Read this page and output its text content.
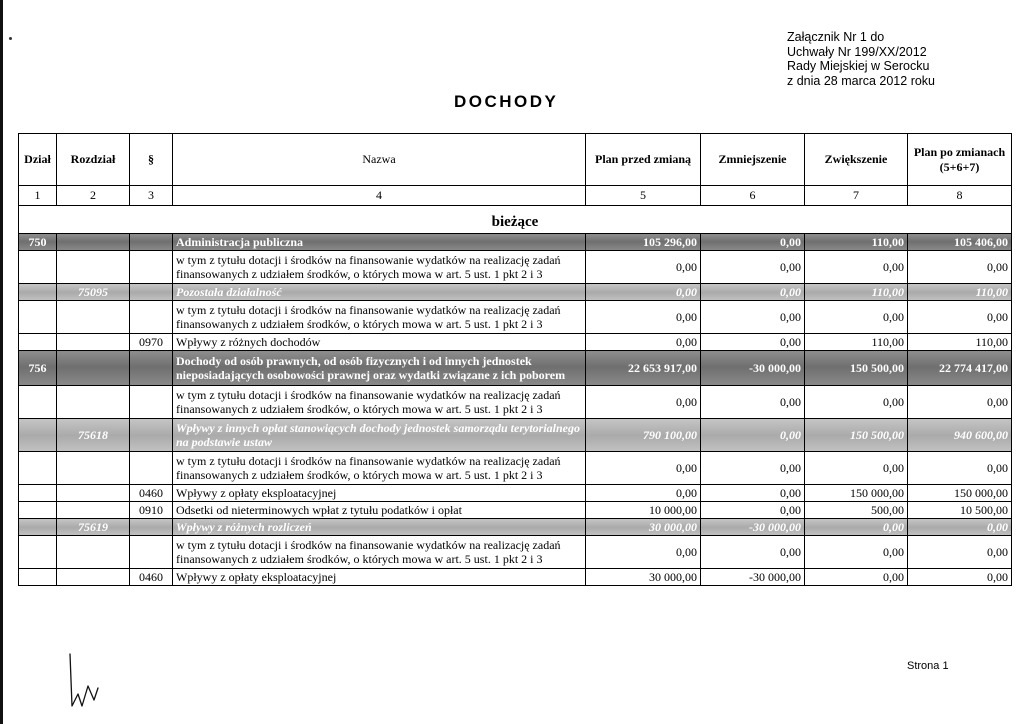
Załącznik Nr 1 do
Uchwały Nr 199/XX/2012
Rady Miejskiej w Serocku
z dnia 28 marca 2012 roku
DOCHODY
Dział	Rozdział	§	Nazwa	Plan przed zmianą	Zmniejszenie	Zwiększenie	Plan po zmianach
(5+6+7)
1	2	3	4	5	6	7	8
bieżące							
750			Administracja publiczna	105 296,00	0,00	110,00	105 406,00
			w tym z tytułu dotacji i środków na finansowanie wydatków na realizację zadań
finansowanych z udziałem środków, o których mowa w art. 5 ust. 1 pkt 2 i 3	0,00	0,00	0,00	0,00
	75095		Pozostała działalność	0,00	0,00	110,00	110,00
			w tym z tytułu dotacji i środków na finansowanie wydatków na realizację zadań
finansowanych z udziałem środków, o których mowa w art. 5 ust. 1 pkt 2 i 3	0,00	0,00	0,00	0,00
		0970	Wpływy z różnych dochodów	0,00	0,00	110,00	110,00
756			Dochody od osób prawnych, od osób fizycznych i od innych jednostek
nieposiadających osobowości prawnej oraz wydatki związane z ich poborem	22 653 917,00	-30 000,00	150 500,00	22 774 417,00
			w tym z tytułu dotacji i środków na finansowanie wydatków na realizację zadań
finansowanych z udziałem środków, o których mowa w art. 5 ust. 1 pkt 2 i 3	0,00	0,00	0,00	0,00
	75618		Wpływy z innych opłat stanowiących dochody jednostek samorządu terytorialnego
na podstawie ustaw	790 100,00	0,00	150 500,00	940 600,00
			w tym z tytułu dotacji i środków na finansowanie wydatków na realizację zadań
finansowanych z udziałem środków, o których mowa w art. 5 ust. 1 pkt 2 i 3	0,00	0,00	0,00	0,00
		0460	Wpływy z opłaty eksploatacyjnej	0,00	0,00	150 000,00	150 000,00
		0910	Odsetki od nieterminowych wpłat z tytułu podatków i opłat	10 000,00	0,00	500,00	10 500,00
	75619		Wpływy z różnych rozliczeń	30 000,00	-30 000,00	0,00	0,00
			w tym z tytułu dotacji i środków na finansowanie wydatków na realizację zadań
finansowanych z udziałem środków, o których mowa w art. 5 ust. 1 pkt 2 i 3	0,00	0,00	0,00	0,00
		0460	Wpływy z opłaty eksploatacyjnej	30 000,00	-30 000,00	0,00	0,00
Strona 1
